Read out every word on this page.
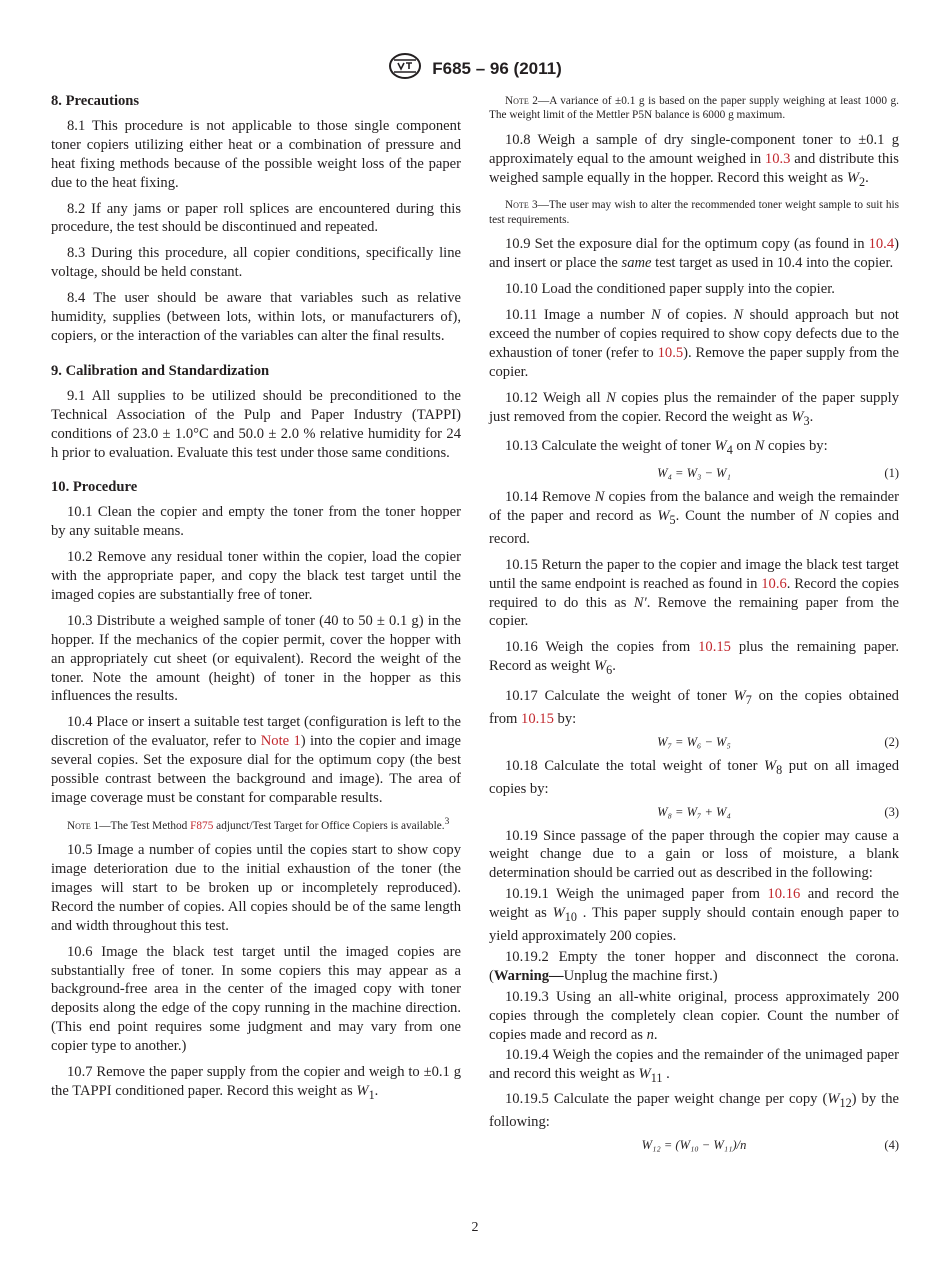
F685 – 96 (2011)
8. Precautions

8.1 This procedure is not applicable to those single component toner copiers utilizing either heat or a combination of pressure and heat fixing methods because of the possible weight loss of the paper due to the heat fixing.

8.2 If any jams or paper roll splices are encountered during this procedure, the test should be discontinued and repeated.

8.3 During this procedure, all copier conditions, specifically line voltage, should be held constant.

8.4 The user should be aware that variables such as relative humidity, supplies (between lots, within lots, or manufacturers of), copiers, or the interaction of the variables can alter the final results.

9. Calibration and Standardization

9.1 All supplies to be utilized should be preconditioned to the Technical Association of the Pulp and Paper Industry (TAPPI) conditions of 23.0 ± 1.0°C and 50.0 ± 2.0 % relative humidity for 24 h prior to evaluation. Evaluate this test under those same conditions.

10. Procedure

10.1 Clean the copier and empty the toner from the toner hopper by any suitable means.

10.2 Remove any residual toner within the copier, load the copier with the appropriate paper, and copy the black test target until the imaged copies are substantially free of toner.

10.3 Distribute a weighed sample of toner (40 to 50 ± 0.1 g) in the hopper. If the mechanics of the copier permit, cover the hopper with an appropriately cut sheet (or equivalent). Record the weight of the toner. Note the amount (height) of toner in the hopper as this influences the results.

10.4 Place or insert a suitable test target (configuration is left to the discretion of the evaluator, refer to Note 1) into the copier and image several copies. Set the exposure dial for the optimum copy (the best possible contrast between the background and image). The area of image coverage must be constant for comparable results.

Note 1—The Test Method F875 adjunct/Test Target for Office Copiers is available.$^3$

10.5 Image a number of copies until the copies start to show copy image deterioration due to the initial exhaustion of the toner (the images will start to be broken up or incompletely reproduced). Record the number of copies. All copies should be of the same length and width throughout this test.

10.6 Image the black test target until the imaged copies are substantially free of toner. In some copiers this may appear as a background-free area in the center of the imaged copy with toner deposits along the edge of the copy running in the machine direction. (This end point requires some judgment and may vary from one copier type to another.)

10.7 Remove the paper supply from the copier and weigh to ±0.1 g the TAPPI conditioned paper. Record this weight as $W_1$.

Note 2—A variance of ±0.1 g is based on the paper supply weighing at least 1000 g. The weight limit of the Mettler P5N balance is 6000 g maximum.

10.8 Weigh a sample of dry single-component toner to ±0.1 g approximately equal to the amount weighed in 10.3 and distribute this weighed sample equally in the hopper. Record this weight as $W_2$.

Note 3—The user may wish to alter the recommended toner weight sample to suit his test requirements.

10.9 Set the exposure dial for the optimum copy (as found in 10.4) and insert or place the same test target as used in 10.4 into the copier.

10.10 Load the conditioned paper supply into the copier.

10.11 Image a number N of copies. N should approach but not exceed the number of copies required to show copy defects due to the exhaustion of toner (refer to 10.5). Remove the paper supply from the copier.

10.12 Weigh all N copies plus the remainder of the paper supply just removed from the copier. Record the weight as $W_3$.

10.13 Calculate the weight of toner $W_4$ on N copies by:

W₄ = W₃ − W₁	(1)

10.14 Remove N copies from the balance and weigh the remainder of the paper and record as $W_5$. Count the number of N copies and record.

10.15 Return the paper to the copier and image the black test target until the same endpoint is reached as found in 10.6. Record the copies required to do this as N′. Remove the remaining paper from the copier.

10.16 Weigh the copies from 10.15 plus the remaining paper. Record as weight $W_6$.

10.17 Calculate the weight of toner $W_7$ on the copies obtained from 10.15 by:

W₇ = W₆ − W₅	(2)

10.18 Calculate the total weight of toner $W_8$ put on all imaged copies by:

W₈ = W₇ + W₄	(3)

10.19 Since passage of the paper through the copier may cause a weight change due to a gain or loss of moisture, a blank determination should be carried out as described in the following:

10.19.1 Weigh the unimaged paper from 10.16 and record the weight as $W_{10}$ . This paper supply should contain enough paper to yield approximately 200 copies.

10.19.2 Empty the toner hopper and disconnect the corona. (Warning—Unplug the machine first.)

10.19.3 Using an all-white original, process approximately 200 copies through the completely clean copier. Count the number of copies made and record as n.

10.19.4 Weigh the copies and the remainder of the unimaged paper and record this weight as $W_{11}$ .

10.19.5 Calculate the paper weight change per copy $(W_{12})$ by the following:

W₁₂ = (W₁₀ − W₁₁)/n	(4)
2
